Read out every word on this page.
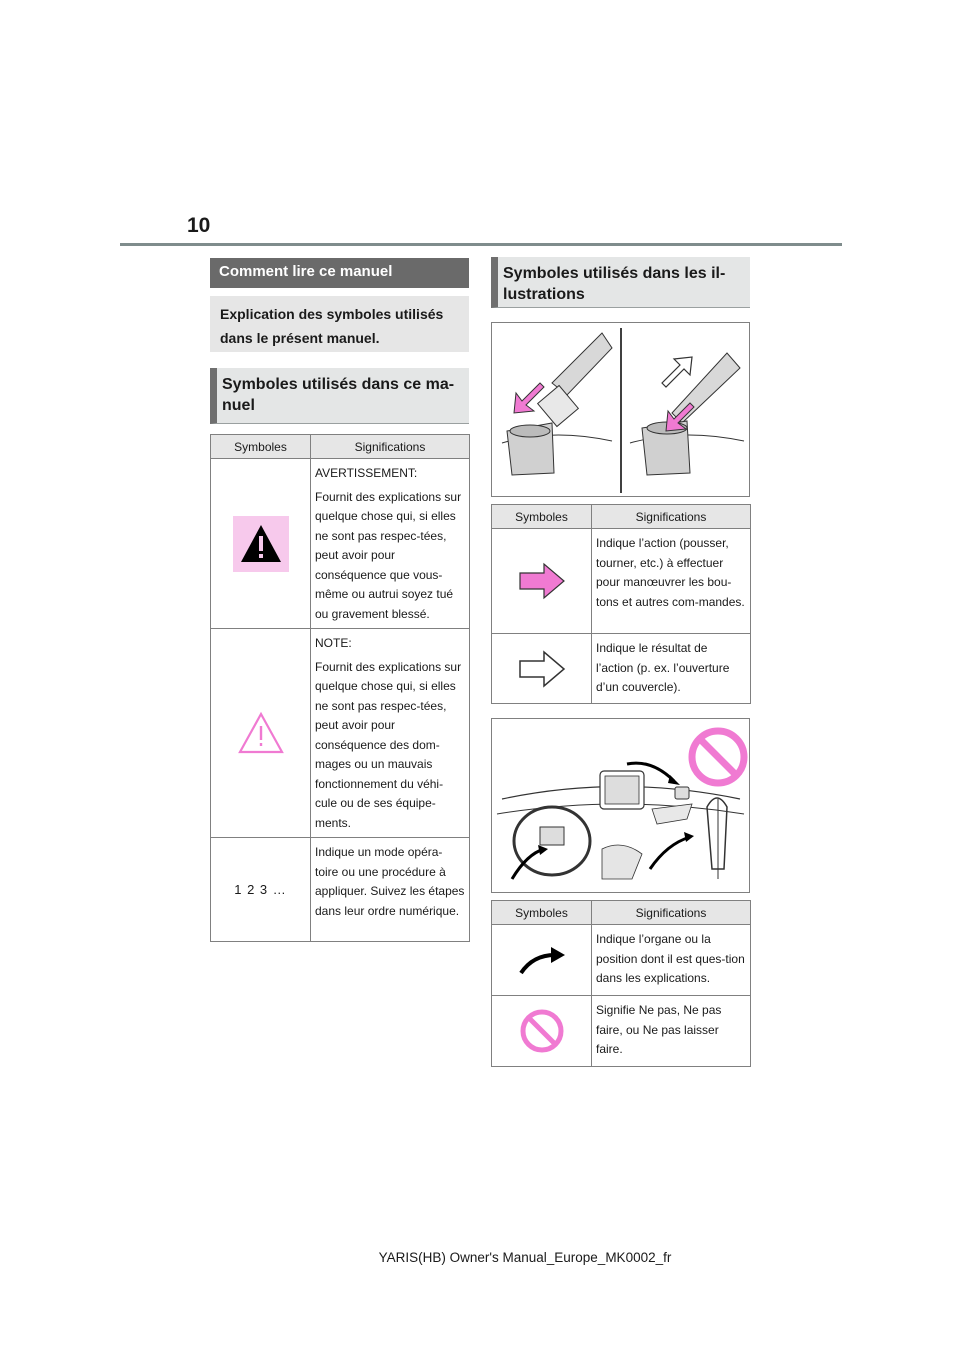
10
Comment lire ce manuel
Explication des symboles utilisés dans le présent manuel.
Symboles utilisés dans ce ma-nuel
Symboles utilisés dans les il-lustrations
Symboles	Significations

AVERTISSEMENT:

Fournit des explications sur quelque chose qui, si elles ne sont pas respec-tées, peut avoir pour conséquence que vous-même ou autrui soyez tué ou gravement blessé.

NOTE:

Fournit des explications sur quelque chose qui, si elles ne sont pas respec-tées, peut avoir pour conséquence des dom-mages ou un mauvais fonctionnement du véhi-cule ou de ses équipe-ments.

1 2 3 …	Indique un mode opéra-toire ou une procédure à appliquer. Suivez les étapes dans leur ordre numérique.

Symboles	Significations

Indique l’action (pousser, tourner, etc.) à effectuer pour manœuvrer les bou-tons et autres com-mandes.

Indique le résultat de l’action (p. ex. l’ouverture d’un couvercle).

Symboles	Significations

Indique l’organe ou la position dont il est ques-tion dans les explications.

Signifie Ne pas, Ne pas faire, ou Ne pas laisser faire.

YARIS(HB) Owner's Manual_Europe_MK0002_fr
